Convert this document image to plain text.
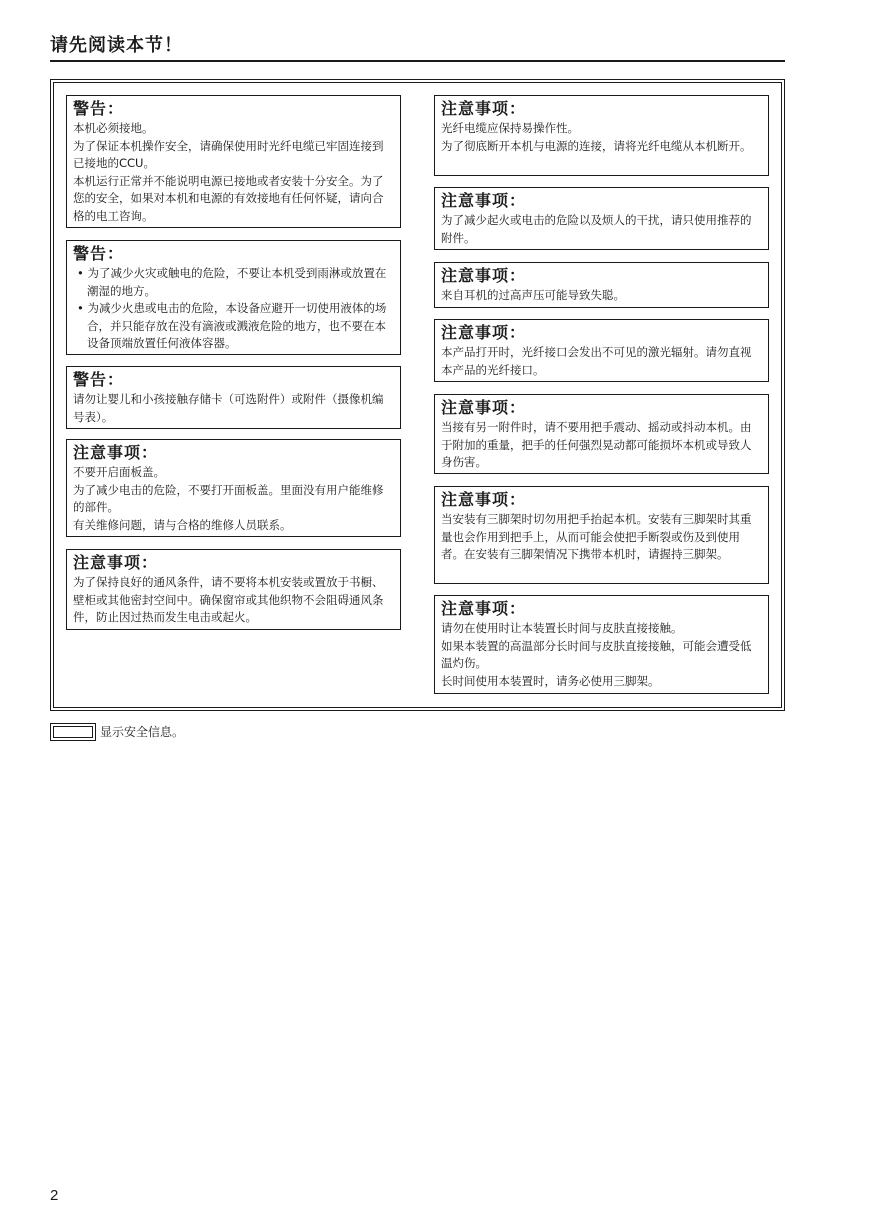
请先阅读本节！
警告：
本机必须接地。
为了保证本机操作安全，请确保使用时光纤电缆已牢固连接到已接地的CCU。
本机运行正常并不能说明电源已接地或者安装十分安全。为了您的安全，如果对本机和电源的有效接地有任何怀疑，请向合格的电工咨询。
警告：
• 为了减少火灾或触电的危险，不要让本机受到雨淋或放置在潮湿的地方。
• 为减少火患或电击的危险，本设备应避开一切使用液体的场合，并只能存放在没有滴液或溅液危险的地方，也不要在本设备顶端放置任何液体容器。
警告：
请勿让婴儿和小孩接触存储卡（可选附件）或附件（摄像机编号表）。
注意事项：
不要开启面板盖。
为了减少电击的危险，不要打开面板盖。里面没有用户能维修的部件。
有关维修问题，请与合格的维修人员联系。
注意事项：
为了保持良好的通风条件，请不要将本机安装或置放于书橱、壁柜或其他密封空间中。确保窗帘或其他织物不会阻碍通风条件，防止因过热而发生电击或起火。
注意事项：
光纤电缆应保持易操作性。
为了彻底断开本机与电源的连接，请将光纤电缆从本机断开。
注意事项：
为了减少起火或电击的危险以及烦人的干扰，请只使用推荐的附件。
注意事项：
来自耳机的过高声压可能导致失聪。
注意事项：
本产品打开时，光纤接口会发出不可见的激光辐射。请勿直视本产品的光纤接口。
注意事项：
当接有另一附件时，请不要用把手震动、摇动或抖动本机。由于附加的重量，把手的任何强烈晃动都可能损坏本机或导致人身伤害。
注意事项：
当安装有三脚架时切勿用把手抬起本机。安装有三脚架时其重量也会作用到把手上，从而可能会使把手断裂或伤及到使用者。在安装有三脚架情况下携带本机时，请握持三脚架。
注意事项：
请勿在使用时让本装置长时间与皮肤直接接触。
如果本装置的高温部分长时间与皮肤直接接触，可能会遭受低温灼伤。
长时间使用本装置时，请务必使用三脚架。
显示安全信息。
2
